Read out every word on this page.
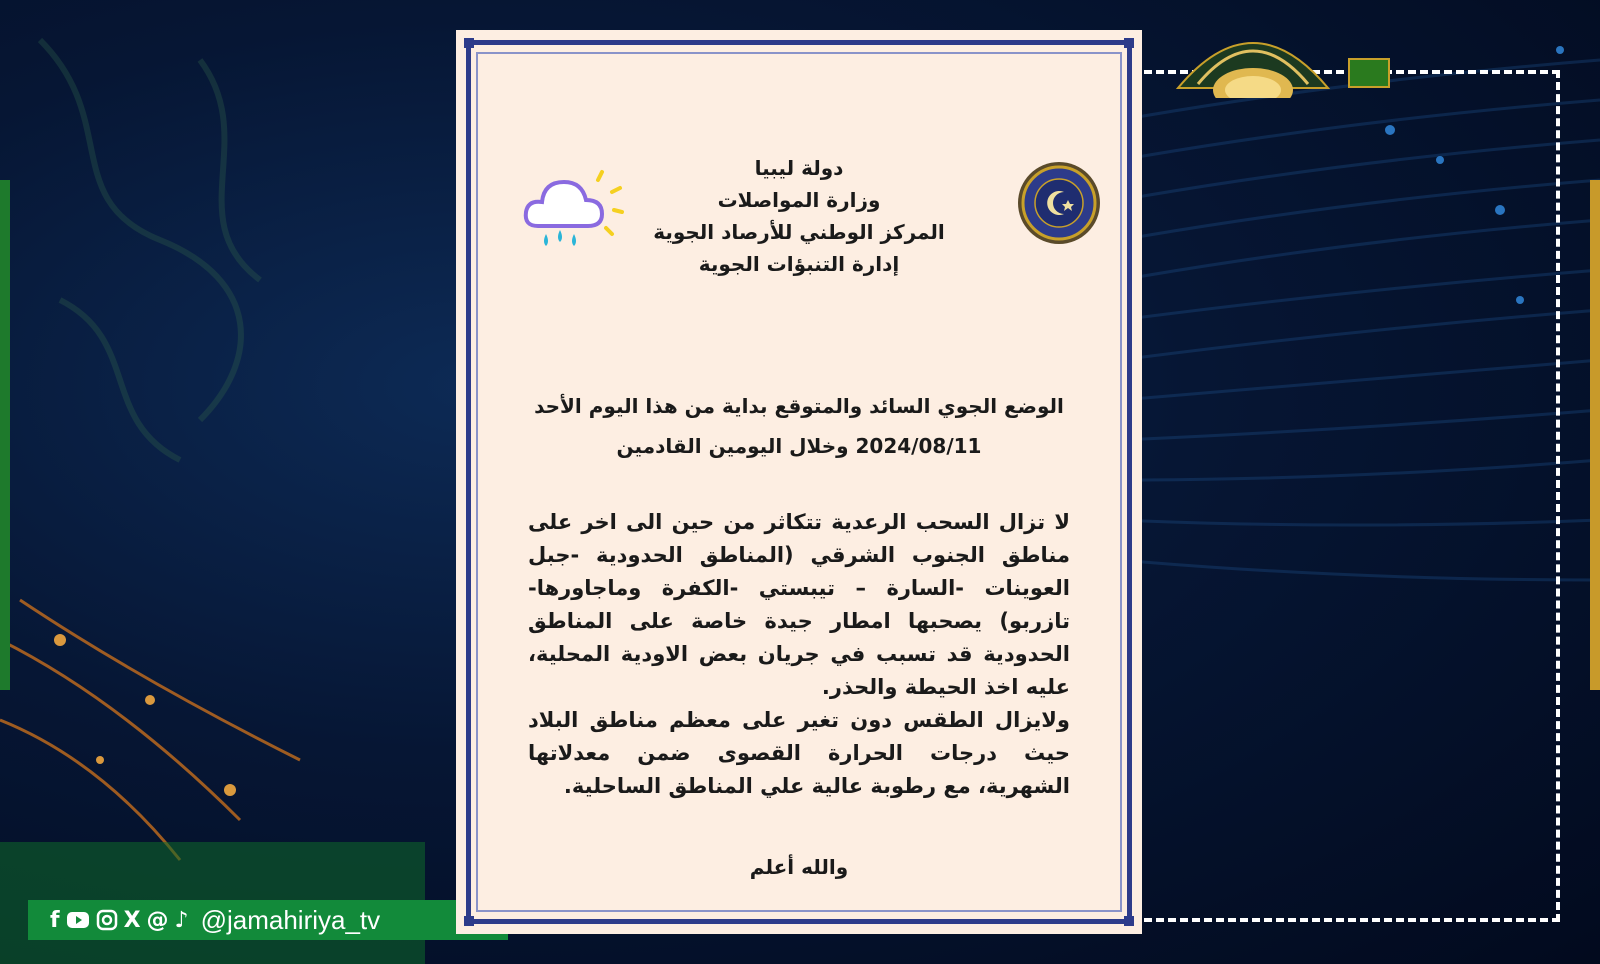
f	X @ ♪ @jamahiriya_tv
دولة ليبيا
وزارة المواصلات
المركز الوطني للأرصاد الجوية
إدارة التنبؤات الجوية
الوضع الجوي السائد والمتوقع بداية من هذا اليوم الأحد
2024/08/11 وخلال اليومين القادمين

لا تزال السحب الرعدية تتكاثر من حين الى اخر على مناطق الجنوب الشرقي (المناطق الحدودية -جبل العوينات -السارة – تيبستي -الكفرة وماجاورها-تازربو) يصحبها امطار جيدة خاصة على المناطق الحدودية قد تسبب في جريان بعض الاودية المحلية، عليه اخذ الحيطة والحذر.

ولايزال الطقس دون تغير على معظم مناطق البلاد حيث درجات الحرارة القصوى ضمن معدلاتها الشهرية، مع رطوبة عالية علي المناطق الساحلية.

والله أعلم
